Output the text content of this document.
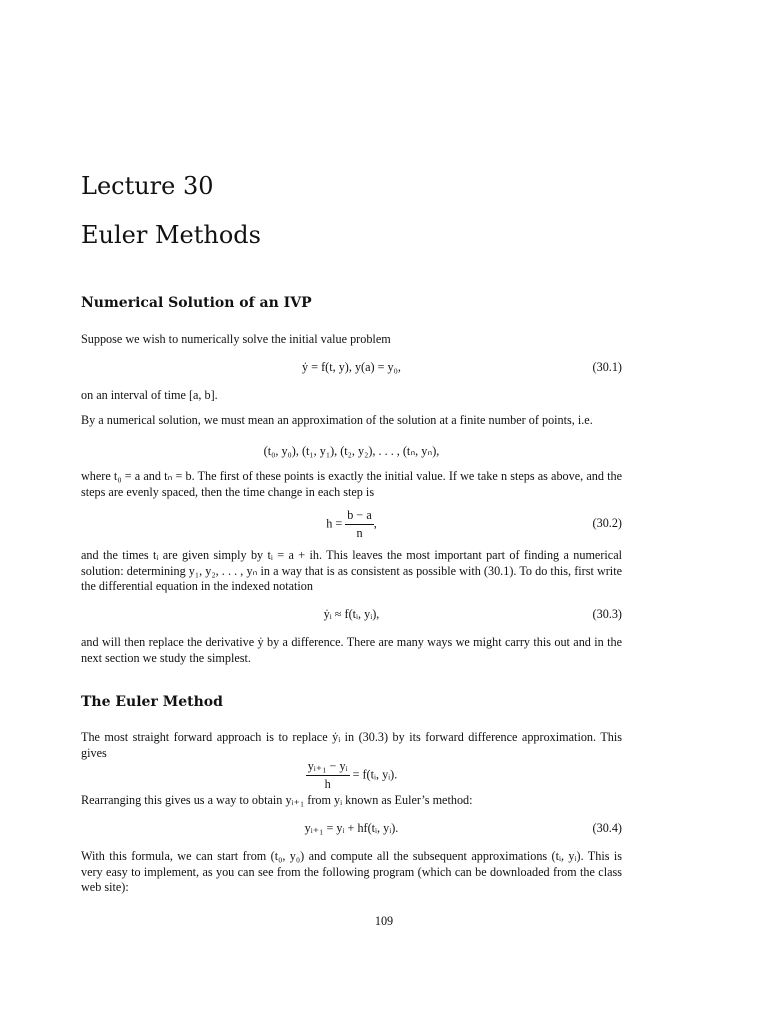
Lecture 30
Euler Methods
Numerical Solution of an IVP
Suppose we wish to numerically solve the initial value problem
ẏ = f(t, y), y(a) = y₀,	(30.1)
on an interval of time [a, b].
By a numerical solution, we must mean an approximation of the solution at a finite number of points, i.e.
(t₀, y₀), (t₁, y₁), (t₂, y₂), . . . , (tₙ, yₙ),
where t₀ = a and tₙ = b. The first of these points is exactly the initial value. If we take n steps as above, and the steps are evenly spaced, then the time change in each step is
$h = \frac{b - a}{n}$ ,	(30.2)
and the times tᵢ are given simply by tᵢ = a + ih. This leaves the most important part of finding a numerical solution: determining y₁, y₂, . . . , yₙ in a way that is as consistent as possible with (30.1). To do this, first write the differential equation in the indexed notation
ẏᵢ ≈ f(tᵢ, yᵢ),	(30.3)
and will then replace the derivative ẏ by a difference. There are many ways we might carry this out and in the next section we study the simplest.
The Euler Method
The most straight forward approach is to replace ẏᵢ in (30.3) by its forward difference approximation. This gives
$\frac{\text{yᵢ₊₁ − yᵢ}}{h}$ = f(tᵢ, yᵢ).
Rearranging this gives us a way to obtain yᵢ₊₁ from yᵢ known as Euler’s method:
yᵢ₊₁ = yᵢ + hf(tᵢ, yᵢ).	(30.4)
With this formula, we can start from (t₀, y₀) and compute all the subsequent approximations (tᵢ, yᵢ). This is very easy to implement, as you can see from the following program (which can be downloaded from the class web site):
109
